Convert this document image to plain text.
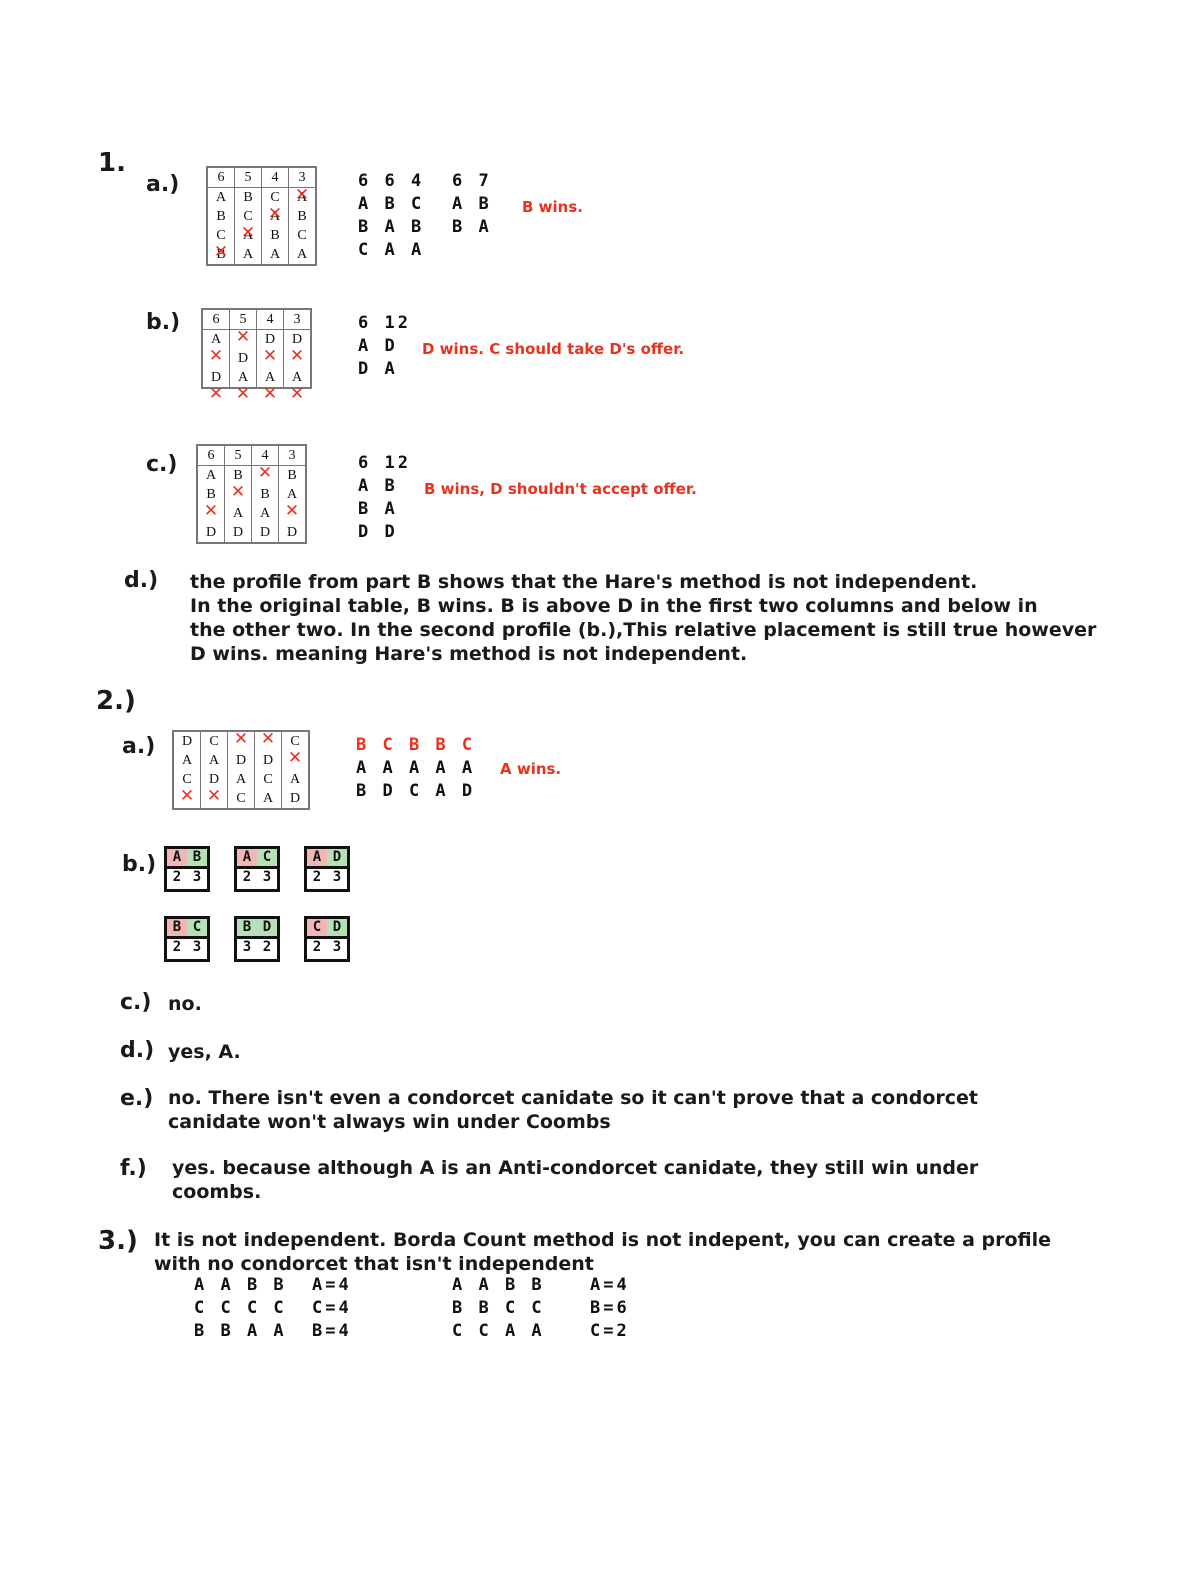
1.
a.)	6	5	4	3
A	B	C	A ✕
B	C	A ✕	B
C	A ✕	B	C
B ✕	A	A	A
6 6 4
A B C
B A B
C A A
6 7
A B
B A
B wins.
b.) 6	5	4	3
A	✕	D	D
✕	D	✕	✕
D	A	A	A
✕	✕	✕	✕
6 12
A D
D A
D wins. C should take D's offer.
c.) 6	5	4	3
A	B	✕	B
B	✕	B	A
✕	A	A	✕
D	D	D	D
6 12
A B
B A
D D
B wins, D shouldn't accept offer.
d.) the profile from part B shows that the Hare's method is not independent.
In the original table, B wins. B is above D in the first two columns and below in
the other two. In the second profile (b.),This relative placement is still true however
D wins. meaning Hare's method is not independent.
2.)
a.) D	C	✕	✕	C
A	A	D	D	✕
C	D	A	C	A
✕	✕	C	A	D
B C B B C
A A A A A
B D C A D
A wins.
b.)	A B
2 3
A C
2 3
A D
2 3
B C
2 3
B D
3 2
C D
2 3
c.) no.
d.) yes, A.
e.) no. There isn't even a condorcet canidate so it can't prove that a condorcet
canidate won't always win under Coombs
f.) yes. because although A is an Anti-condorcet canidate, they still win under
coombs.
3.) It is not independent. Borda Count method is not indepent, you can create a profile
with no condorcet that isn't independent
A A B B
C C C C
B B A A
A=4
C=4
B=4
A A B B
B B C C
C C A A
A=4
B=6
C=2
